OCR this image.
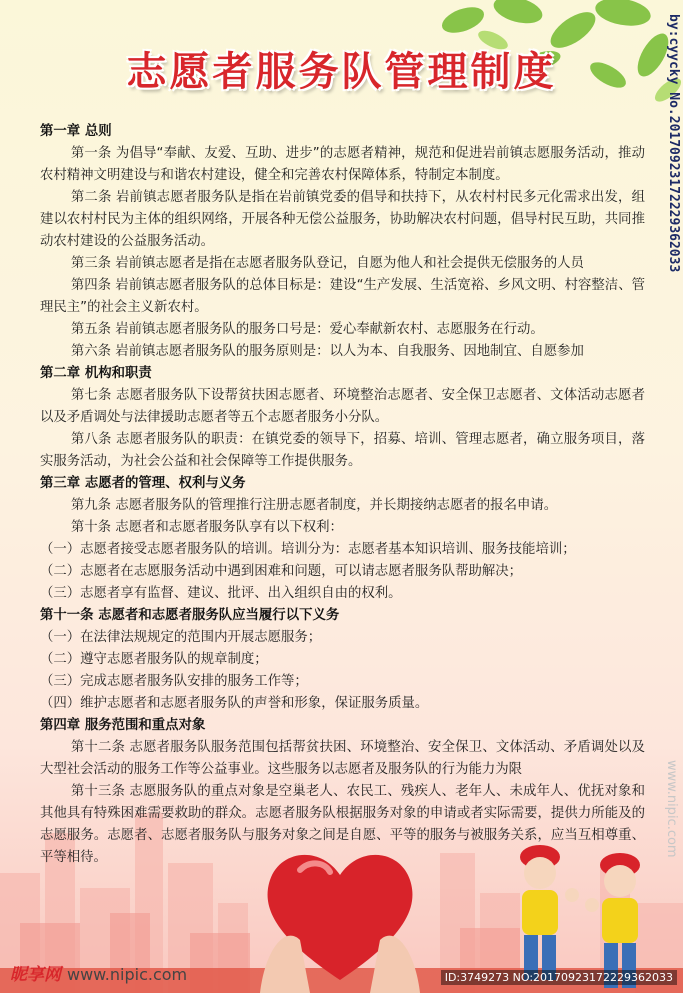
志愿者服务队管理制度
第一章 总则

第一条 为倡导“奉献、友爱、互助、进步”的志愿者精神，规范和促进岩前镇志愿服务活动，推动农村精神文明建设与和谐农村建设，健全和完善农村保障体系，特制定本制度。

第二条 岩前镇志愿者服务队是指在岩前镇党委的倡导和扶持下，从农村村民多元化需求出发，组建以农村村民为主体的组织网络，开展各种无偿公益服务，协助解决农村问题，倡导村民互助，共同推动农村建设的公益服务活动。

第三条 岩前镇志愿者是指在志愿者服务队登记，自愿为他人和社会提供无偿服务的人员

第四条 岩前镇志愿者服务队的总体目标是：建设“生产发展、生活宽裕、乡风文明、村容整洁、管理民主”的社会主义新农村。

第五条 岩前镇志愿者服务队的服务口号是：爱心奉献新农村、志愿服务在行动。

第六条 岩前镇志愿者服务队的服务原则是：以人为本、自我服务、因地制宜、自愿参加

第二章 机构和职责

第七条 志愿者服务队下设帮贫扶困志愿者、环境整治志愿者、安全保卫志愿者、文体活动志愿者以及矛盾调处与法律援助志愿者等五个志愿者服务小分队。

第八条 志愿者服务队的职责：在镇党委的领导下，招募、培训、管理志愿者，确立服务项目，落实服务活动，为社会公益和社会保障等工作提供服务。

第三章 志愿者的管理、权利与义务

第九条 志愿者服务队的管理推行注册志愿者制度，并长期接纳志愿者的报名申请。

第十条 志愿者和志愿者服务队享有以下权利：

（一）志愿者接受志愿者服务队的培训。培训分为：志愿者基本知识培训、服务技能培训；

（二）志愿者在志愿服务活动中遇到困难和问题，可以请志愿者服务队帮助解决；

（三）志愿者享有监督、建议、批评、出入组织自由的权利。

第十一条 志愿者和志愿者服务队应当履行以下义务

（一）在法律法规规定的范围内开展志愿服务；

（二）遵守志愿者服务队的规章制度；

（三）完成志愿者服务队安排的服务工作等；

（四）维护志愿者和志愿者服务队的声誉和形象，保证服务质量。

第四章 服务范围和重点对象

第十二条 志愿者服务队服务范围包括帮贫扶困、环境整治、安全保卫、文体活动、矛盾调处以及大型社会活动的服务工作等公益事业。这些服务以志愿者及服务队的行为能力为限

第十三条 志愿服务队的重点对象是空巢老人、农民工、残疾人、老年人、未成年人、优抚对象和其他具有特殊困难需要救助的群众。志愿者服务队根据服务对象的申请或者实际需要，提供力所能及的志愿服务。志愿者、志愿者服务队与服务对象之间是自愿、平等的服务与被服务关系，应当互相尊重、平等相待。

by:cyycky No.20170923172229362033
www.nipic.com
昵享网 www.nipic.com	ID:3749273 NO:20170923172229362033
